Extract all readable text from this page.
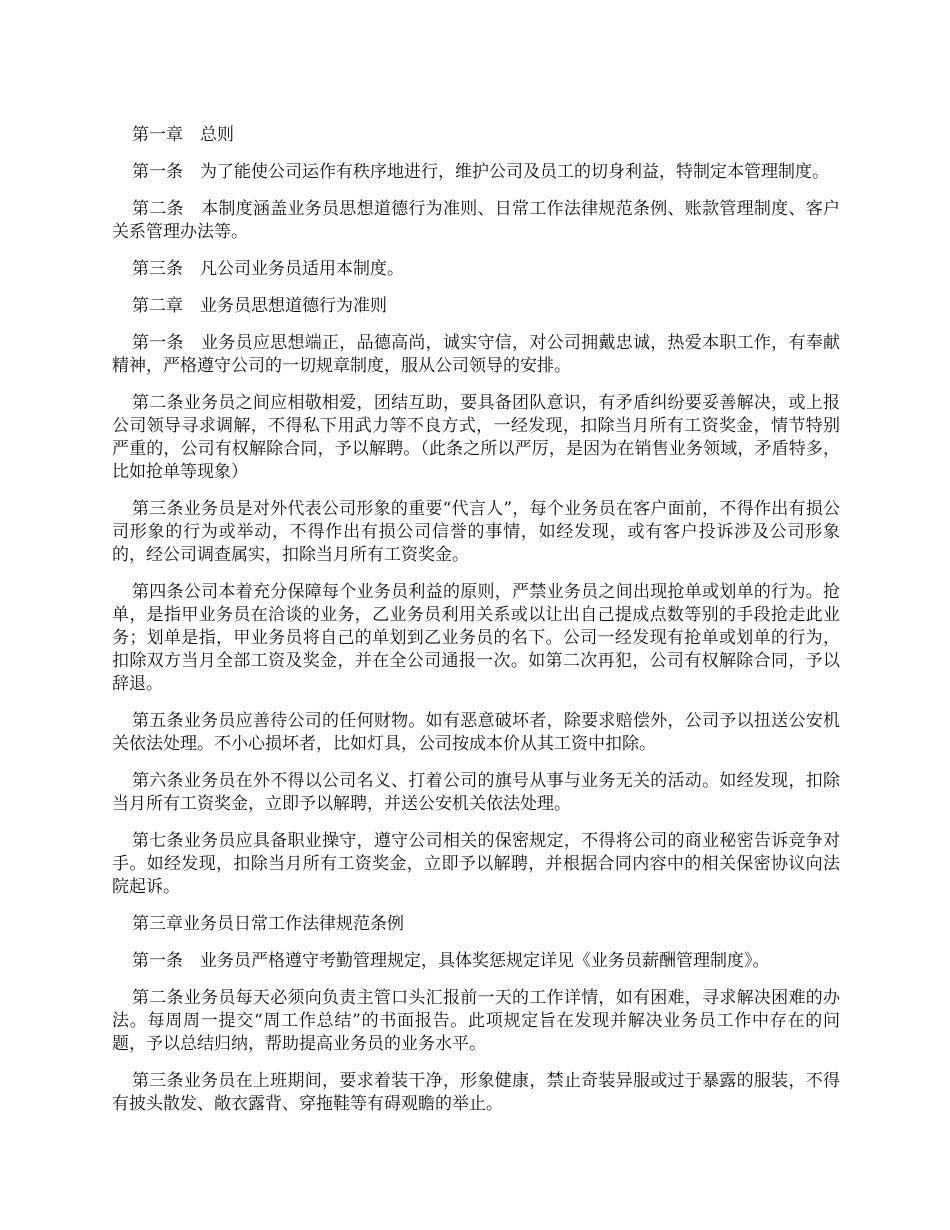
第一章　总则

第一条　为了能使公司运作有秩序地进行，维护公司及员工的切身利益，特制定本管理制度。

第二条　本制度涵盖业务员思想道德行为准则、日常工作法律规范条例、账款管理制度、客户关系管理办法等。

第三条　凡公司业务员适用本制度。

第二章　业务员思想道德行为准则

第一条　业务员应思想端正，品德高尚，诚实守信，对公司拥戴忠诚，热爱本职工作，有奉献精神，严格遵守公司的一切规章制度，服从公司领导的安排。

第二条业务员之间应相敬相爱，团结互助，要具备团队意识，有矛盾纠纷要妥善解决，或上报公司领导寻求调解，不得私下用武力等不良方式，一经发现，扣除当月所有工资奖金，情节特别严重的，公司有权解除合同，予以解聘。（此条之所以严厉，是因为在销售业务领域，矛盾特多，比如抢单等现象）

第三条业务员是对外代表公司形象的重要“代言人”，每个业务员在客户面前，不得作出有损公司形象的行为或举动，不得作出有损公司信誉的事情，如经发现，或有客户投诉涉及公司形象的，经公司调查属实，扣除当月所有工资奖金。

第四条公司本着充分保障每个业务员利益的原则，严禁业务员之间出现抢单或划单的行为。抢单，是指甲业务员在洽谈的业务，乙业务员利用关系或以让出自己提成点数等别的手段抢走此业务；划单是指，甲业务员将自己的单划到乙业务员的名下。公司一经发现有抢单或划单的行为，扣除双方当月全部工资及奖金，并在全公司通报一次。如第二次再犯，公司有权解除合同，予以辞退。

第五条业务员应善待公司的任何财物。如有恶意破坏者，除要求赔偿外，公司予以扭送公安机关依法处理。不小心损坏者，比如灯具，公司按成本价从其工资中扣除。

第六条业务员在外不得以公司名义、打着公司的旗号从事与业务无关的活动。如经发现，扣除当月所有工资奖金，立即予以解聘，并送公安机关依法处理。

第七条业务员应具备职业操守，遵守公司相关的保密规定，不得将公司的商业秘密告诉竞争对手。如经发现，扣除当月所有工资奖金，立即予以解聘，并根据合同内容中的相关保密协议向法院起诉。

第三章业务员日常工作法律规范条例

第一条　业务员严格遵守考勤管理规定，具体奖惩规定详见《业务员薪酬管理制度》。

第二条业务员每天必须向负责主管口头汇报前一天的工作详情，如有困难，寻求解决困难的办法。每周周一提交“周工作总结”的书面报告。此项规定旨在发现并解决业务员工作中存在的问题，予以总结归纳，帮助提高业务员的业务水平。

第三条业务员在上班期间，要求着装干净，形象健康，禁止奇装异服或过于暴露的服装，不得有披头散发、敞衣露背、穿拖鞋等有碍观瞻的举止。
